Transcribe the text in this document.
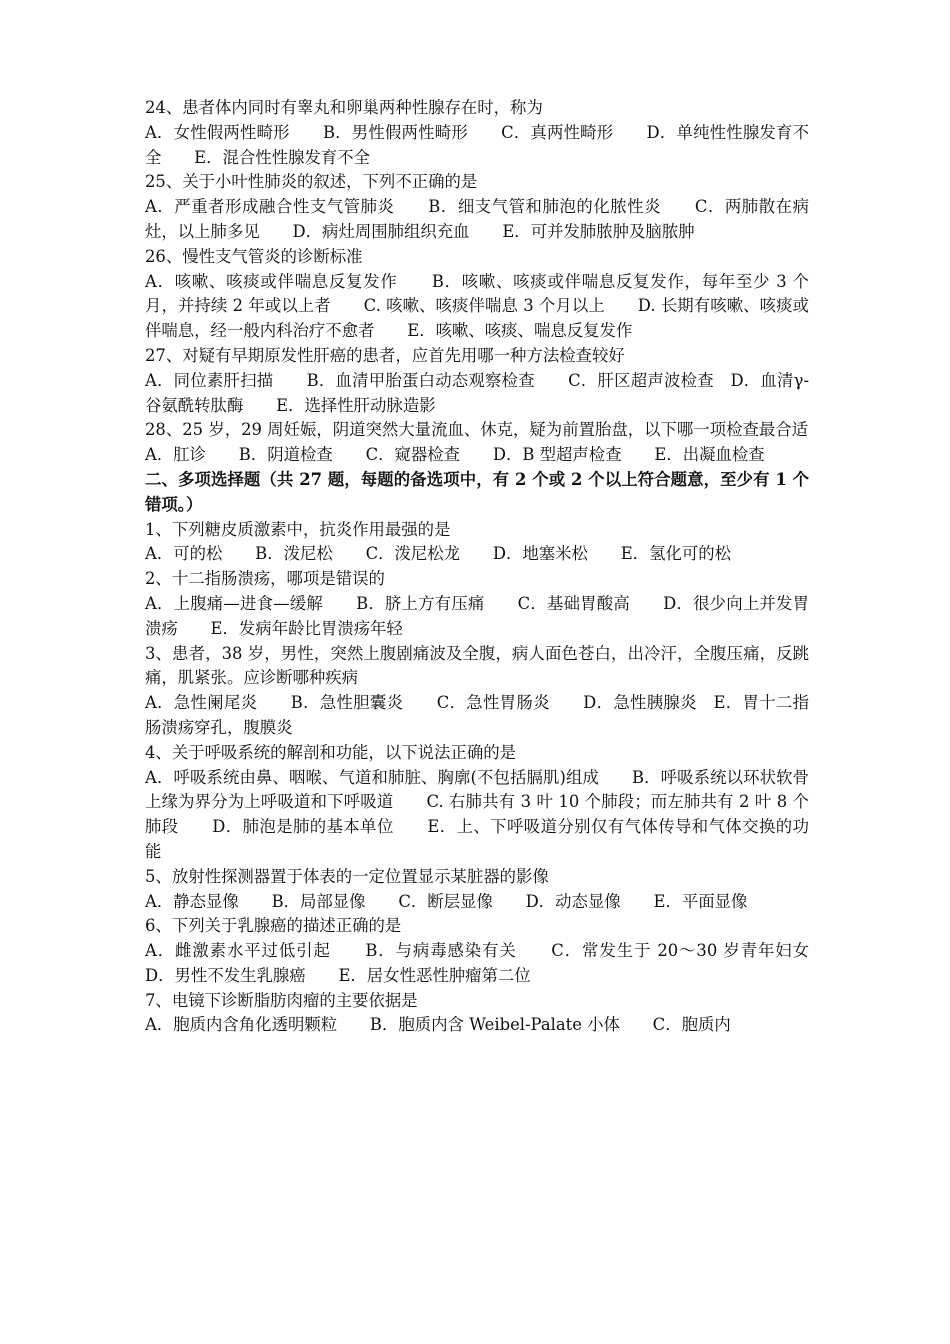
24、患者体内同时有睾丸和卵巢两种性腺存在时，称为

A．女性假两性畸形　　B．男性假两性畸形　　C．真两性畸形　　D．单纯性性腺发育不全　　E．混合性性腺发育不全

25、关于小叶性肺炎的叙述，下列不正确的是

A．严重者形成融合性支气管肺炎　　B．细支气管和肺泡的化脓性炎　　C．两肺散在病灶，以上肺多见　　D．病灶周围肺组织充血　　E．可并发肺脓肿及脑脓肿

26、慢性支气管炎的诊断标准

A．咳嗽、咳痰或伴喘息反复发作　　B．咳嗽、咳痰或伴喘息反复发作，每年至少 3 个月，并持续 2 年或以上者　　C. 咳嗽、咳痰伴喘息 3 个月以上　　D. 长期有咳嗽、咳痰或伴喘息，经一般内科治疗不愈者　　E．咳嗽、咳痰、喘息反复发作

27、对疑有早期原发性肝癌的患者，应首先用哪一种方法检查较好

A．同位素肝扫描　　B．血清甲胎蛋白动态观察检查　　C．肝区超声波检查　D．血清γ-谷氨酰转肽酶　　E．选择性肝动脉造影

28、25 岁，29 周妊娠，阴道突然大量流血、休克，疑为前置胎盘，以下哪一项检查最合适

A．肛诊　　B．阴道检查　　C．窥器检查　　D．B 型超声检查　　E．出凝血检查

二、多项选择题（共 27 题，每题的备选项中，有 2 个或 2 个以上符合题意，至少有 1 个错项。）

1、下列糖皮质激素中，抗炎作用最强的是

A．可的松　　B．泼尼松　　C．泼尼松龙　　D．地塞米松　　E．氢化可的松

2、十二指肠溃疡，哪项是错误的

A．上腹痛—进食—缓解　　B．脐上方有压痛　　C．基础胃酸高　　D．很少向上并发胃溃疡　　E．发病年龄比胃溃疡年轻

3、患者，38 岁，男性，突然上腹剧痛波及全腹，病人面色苍白，出冷汗，全腹压痛，反跳痛，肌紧张。应诊断哪种疾病

A．急性阑尾炎　　B．急性胆囊炎　　C．急性胃肠炎　　D．急性胰腺炎　E．胃十二指肠溃疡穿孔，腹膜炎

4、关于呼吸系统的解剖和功能，以下说法正确的是

A．呼吸系统由鼻、咽喉、气道和肺脏、胸廓(不包括膈肌)组成　　B．呼吸系统以环状软骨上缘为界分为上呼吸道和下呼吸道　　C. 右肺共有 3 叶 10 个肺段；而左肺共有 2 叶 8 个肺段　　D．肺泡是肺的基本单位　　E．上、下呼吸道分别仅有气体传导和气体交换的功能

5、放射性探测器置于体表的一定位置显示某脏器的影像

A．静态显像　　B．局部显像　　C．断层显像　　D．动态显像　　E．平面显像

6、下列关于乳腺癌的描述正确的是

A．雌激素水平过低引起　　B．与病毒感染有关　　C．常发生于 20～30 岁青年妇女　　D．男性不发生乳腺癌　　E．居女性恶性肿瘤第二位

7、电镜下诊断脂肪肉瘤的主要依据是

A．胞质内含角化透明颗粒　　B．胞质内含 Weibel-Palate 小体　　C．胞质内
